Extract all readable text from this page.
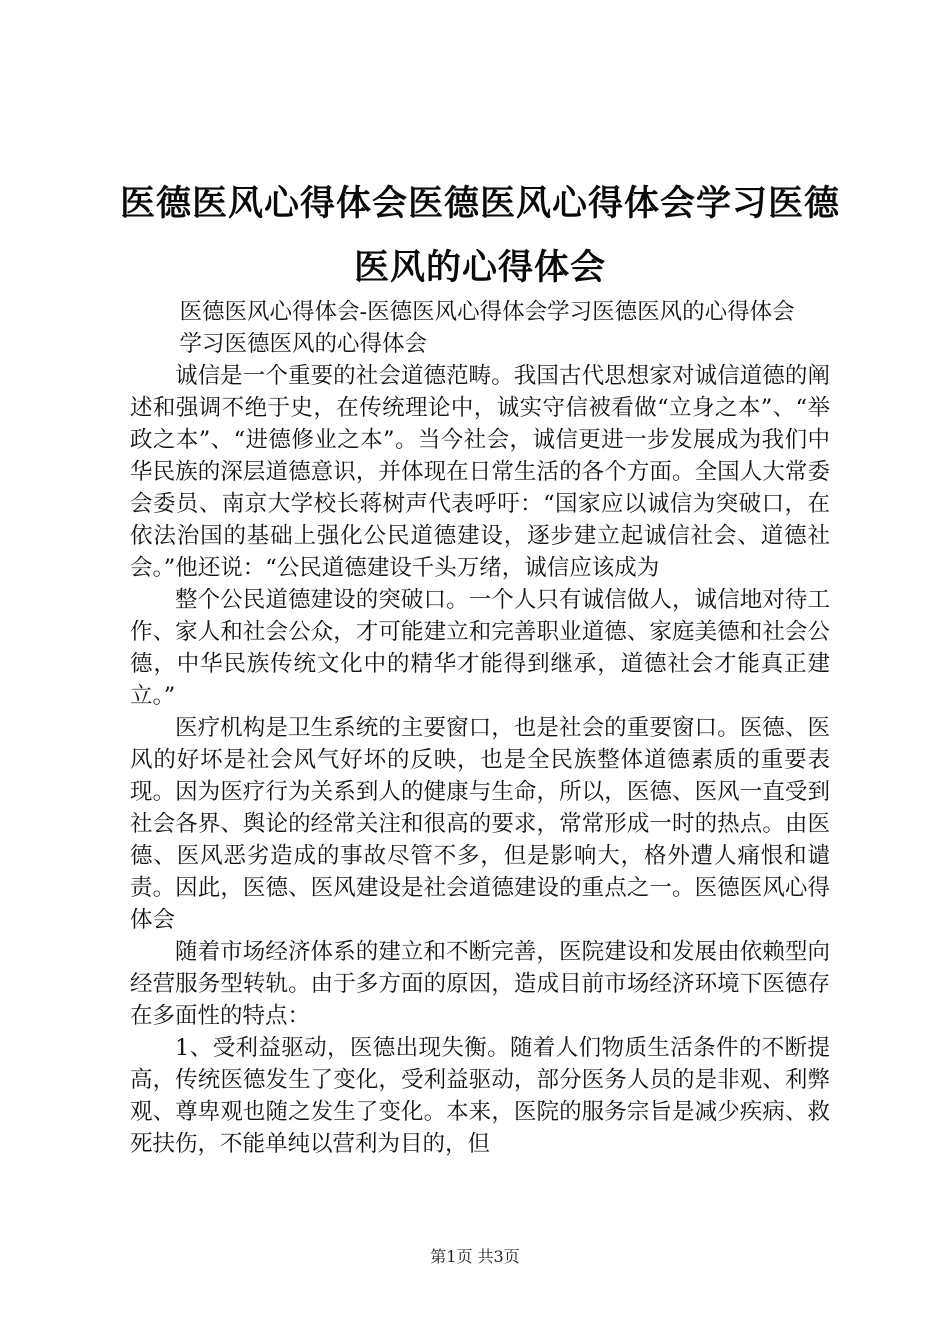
医德医风心得体会医德医风心得体会学习医德医风的心得体会

医德医风心得体会-医德医风心得体会学习医德医风的心得体会

学习医德医风的心得体会

诚信是一个重要的社会道德范畴。我国古代思想家对诚信道德的阐述和强调不绝于史，在传统理论中，诚实守信被看做“立身之本”、“举政之本”、“进德修业之本”。当今社会，诚信更进一步发展成为我们中华民族的深层道德意识，并体现在日常生活的各个方面。全国人大常委会委员、南京大学校长蒋树声代表呼吁：“国家应以诚信为突破口，在依法治国的基础上强化公民道德建设，逐步建立起诚信社会、道德社会。”他还说：“公民道德建设千头万绪，诚信应该成为

整个公民道德建设的突破口。一个人只有诚信做人，诚信地对待工作、家人和社会公众，才可能建立和完善职业道德、家庭美德和社会公德，中华民族传统文化中的精华才能得到继承，道德社会才能真正建立。”

医疗机构是卫生系统的主要窗口，也是社会的重要窗口。医德、医风的好坏是社会风气好坏的反映，也是全民族整体道德素质的重要表现。因为医疗行为关系到人的健康与生命，所以，医德、医风一直受到社会各界、舆论的经常关注和很高的要求，常常形成一时的热点。由医德、医风恶劣造成的事故尽管不多，但是影响大，格外遭人痛恨和谴责。因此，医德、医风建设是社会道德建设的重点之一。医德医风心得体会

随着市场经济体系的建立和不断完善，医院建设和发展由依赖型向经营服务型转轨。由于多方面的原因，造成目前市场经济环境下医德存在多面性的特点：

1、受利益驱动，医德出现失衡。随着人们物质生活条件的不断提高，传统医德发生了变化，受利益驱动，部分医务人员的是非观、利弊观、尊卑观也随之发生了变化。本来，医院的服务宗旨是减少疾病、救死扶伤，不能单纯以营利为目的，但

第1页 共3页
